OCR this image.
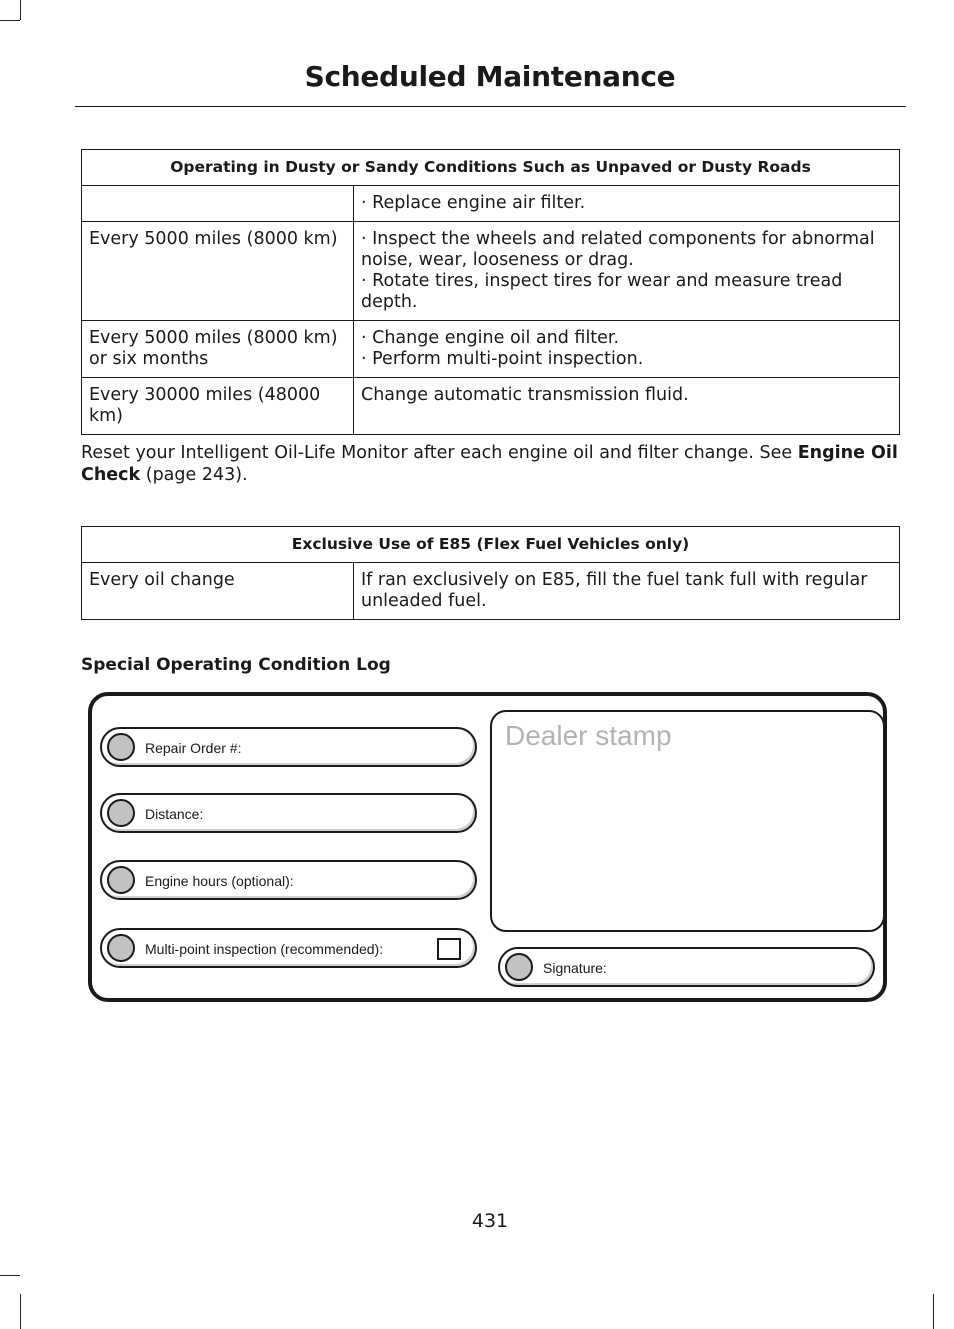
Scheduled Maintenance
Operating in Dusty or Sandy Conditions Such as Unpaved or Dusty Roads	

	· Replace engine air filter.

Every 5000 miles (8000 km)	· Inspect the wheels and related components for abnormal noise, wear, looseness or drag.
· Rotate tires, inspect tires for wear and measure tread depth.

Every 5000 miles (8000 km) or six months	· Change engine oil and filter.
· Perform multi-point inspection.

Every 30000 miles (48000 km)	Change automatic transmission fluid.
Reset your Intelligent Oil-Life Monitor after each engine oil and filter change. See Engine Oil Check (page 243).
Exclusive Use of E85 (Flex Fuel Vehicles only)
Every oil change	If ran exclusively on E85, fill the fuel tank full with regular unleaded fuel.
Special Operating Condition Log
Repair Order #:
Distance:
Engine hours (optional):
Multi-point inspection (recommended):
Dealer stamp
Signature:
431
